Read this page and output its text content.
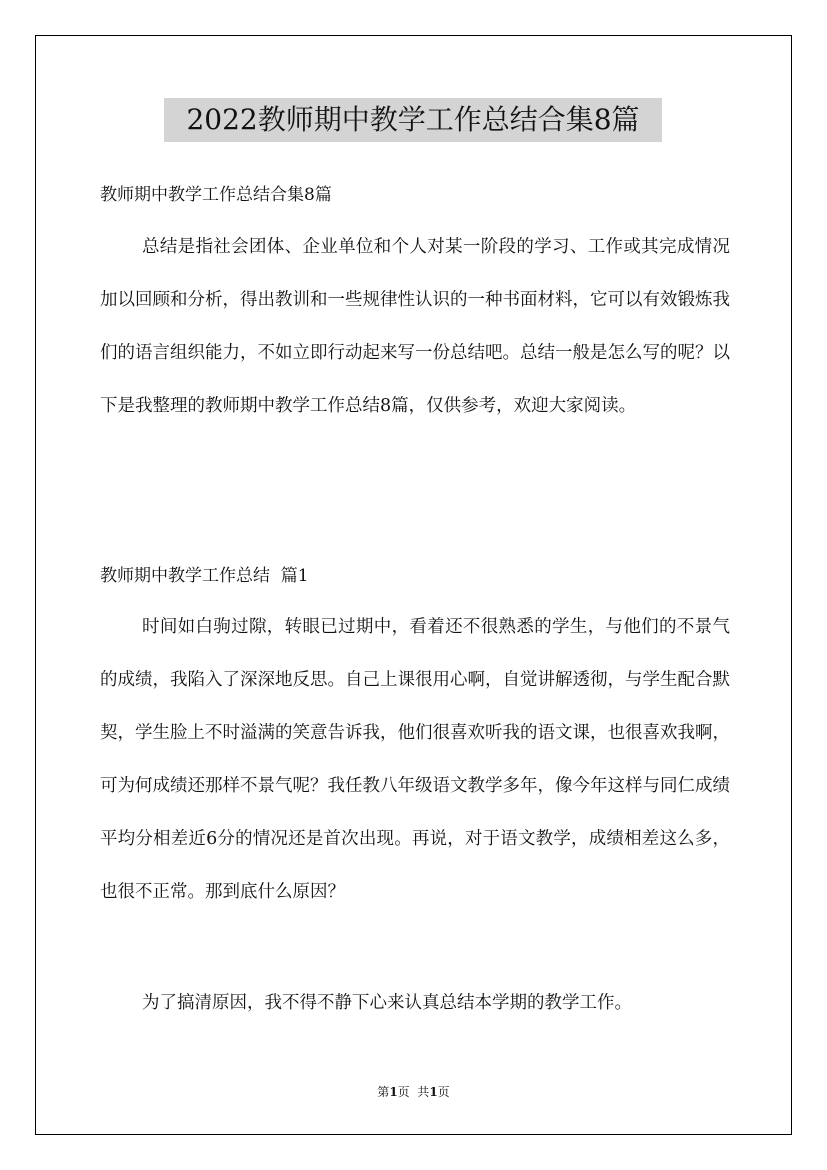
2022教师期中教学工作总结合集8篇
教师期中教学工作总结合集8篇
总结是指社会团体、企业单位和个人对某一阶段的学习、工作或其完成情况加以回顾和分析，得出教训和一些规律性认识的一种书面材料，它可以有效锻炼我们的语言组织能力，不如立即行动起来写一份总结吧。总结一般是怎么写的呢？以下是我整理的教师期中教学工作总结8篇，仅供参考，欢迎大家阅读。
教师期中教学工作总结  篇1
时间如白驹过隙，转眼已过期中，看着还不很熟悉的学生，与他们的不景气的成绩，我陷入了深深地反思。自己上课很用心啊，自觉讲解透彻，与学生配合默契，学生脸上不时溢满的笑意告诉我，他们很喜欢听我的语文课，也很喜欢我啊，可为何成绩还那样不景气呢？我任教八年级语文教学多年，像今年这样与同仁成绩平均分相差近6分的情况还是首次出现。再说，对于语文教学，成绩相差这么多，也很不正常。那到底什么原因？
为了搞清原因，我不得不静下心来认真总结本学期的教学工作。
第1页  共1页
